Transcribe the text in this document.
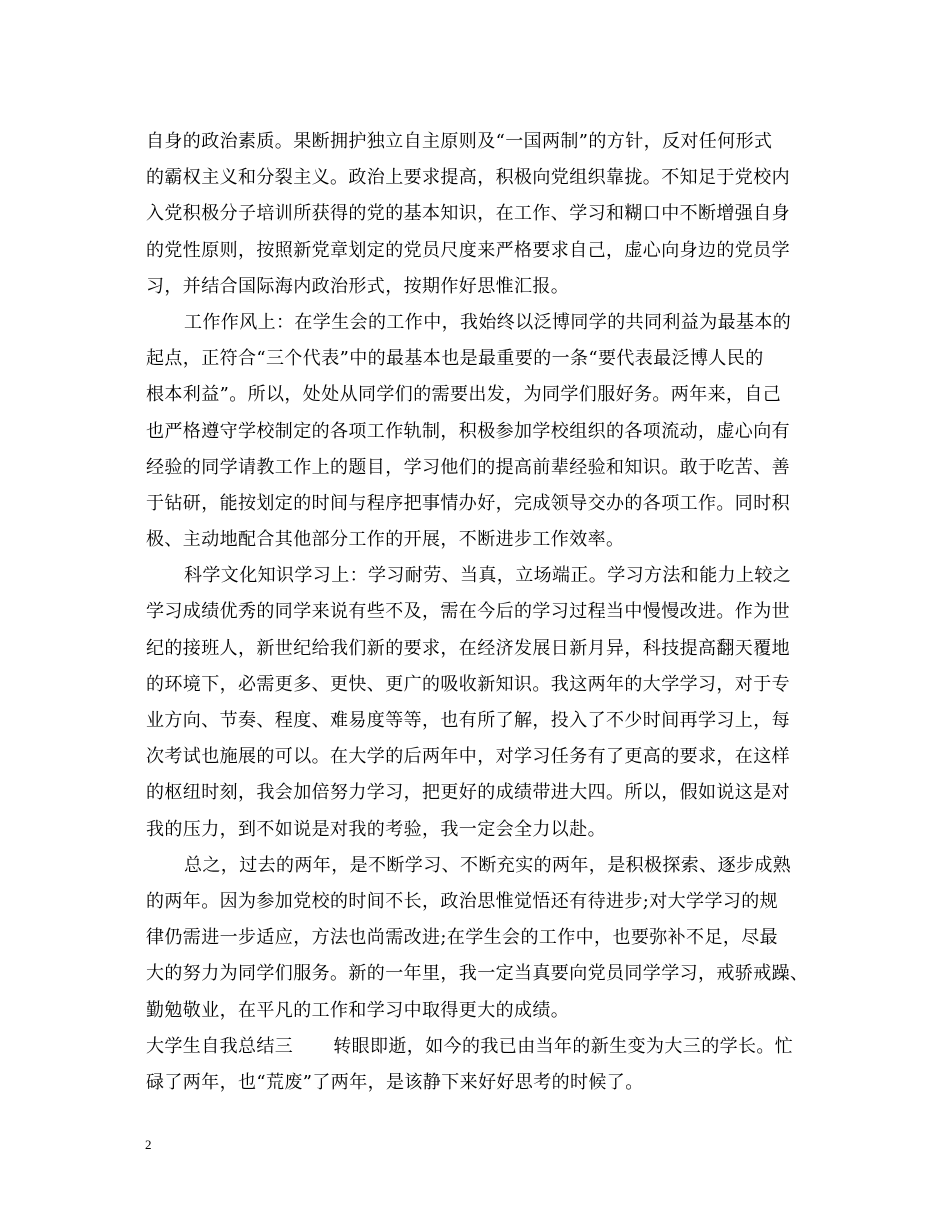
自身的政治素质。果断拥护独立自主原则及“一国两制”的方针，反对任何形式
的霸权主义和分裂主义。政治上要求提高，积极向党组织靠拢。不知足于党校内
入党积极分子培训所获得的党的基本知识，在工作、学习和糊口中不断增强自身
的党性原则，按照新党章划定的党员尺度来严格要求自己，虚心向身边的党员学
习，并结合国际海内政治形式，按期作好思惟汇报。
工作作风上：在学生会的工作中，我始终以泛博同学的共同利益为最基本的
起点，正符合“三个代表”中的最基本也是最重要的一条“要代表最泛博人民的
根本利益”。所以，处处从同学们的需要出发，为同学们服好务。两年来，自己
也严格遵守学校制定的各项工作轨制，积极参加学校组织的各项流动，虚心向有
经验的同学请教工作上的题目，学习他们的提高前辈经验和知识。敢于吃苦、善
于钻研，能按划定的时间与程序把事情办好，完成领导交办的各项工作。同时积
极、主动地配合其他部分工作的开展，不断进步工作效率。
科学文化知识学习上：学习耐劳、当真，立场端正。学习方法和能力上较之
学习成绩优秀的同学来说有些不及，需在今后的学习过程当中慢慢改进。作为世
纪的接班人，新世纪给我们新的要求，在经济发展日新月异，科技提高翻天覆地
的环境下，必需更多、更快、更广的吸收新知识。我这两年的大学学习，对于专
业方向、节奏、程度、难易度等等，也有所了解，投入了不少时间再学习上，每
次考试也施展的可以。在大学的后两年中，对学习任务有了更高的要求，在这样
的枢纽时刻，我会加倍努力学习，把更好的成绩带进大四。所以，假如说这是对
我的压力，到不如说是对我的考验，我一定会全力以赴。
总之，过去的两年，是不断学习、不断充实的两年，是积极探索、逐步成熟
的两年。因为参加党校的时间不长，政治思惟觉悟还有待进步;对大学学习的规
律仍需进一步适应，方法也尚需改进;在学生会的工作中，也要弥补不足，尽最
大的努力为同学们服务。新的一年里，我一定当真要向党员同学学习，戒骄戒躁、
勤勉敬业，在平凡的工作和学习中取得更大的成绩。
大学生自我总结三 转眼即逝，如今的我已由当年的新生变为大三的学长。忙
碌了两年，也“荒废”了两年，是该静下来好好思考的时候了。
2
